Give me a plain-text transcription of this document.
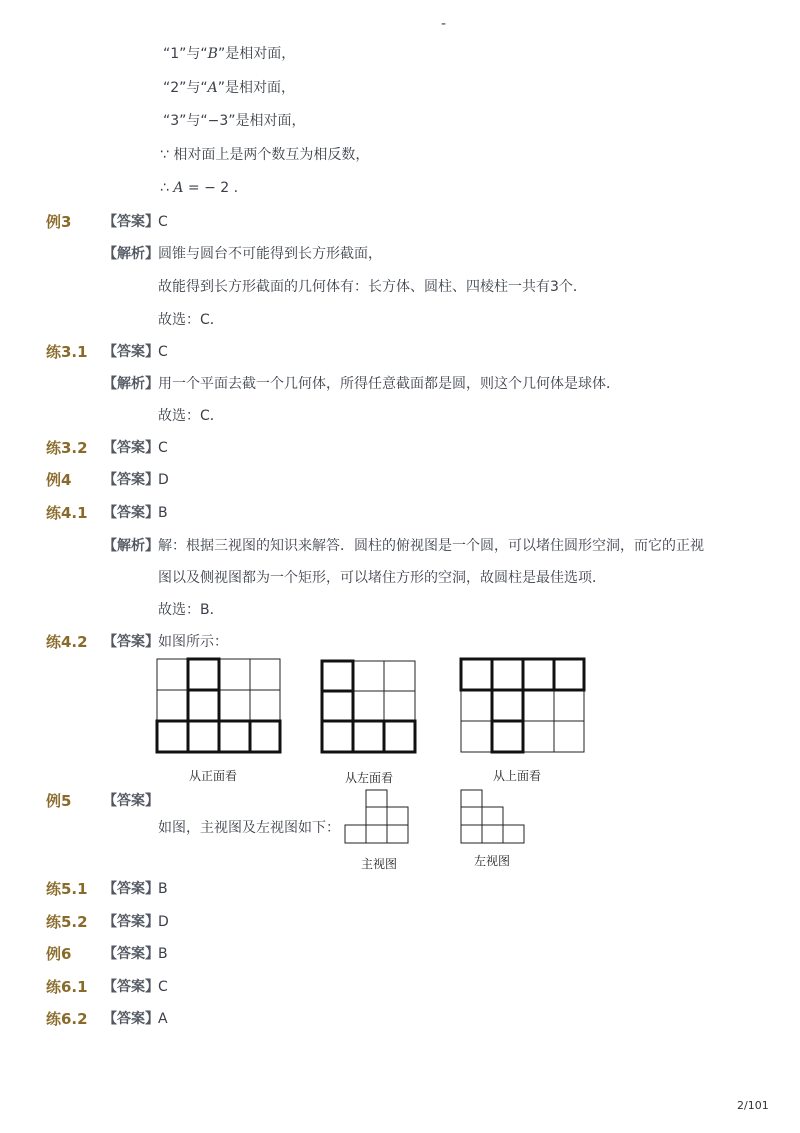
-
“1”与“B”是相对面，
“2”与“A”是相对面，
“3”与“−3”是相对面，
∵ 相对面上是两个数互为相反数，
∴ A = − 2 .
例3 【答案】 C
【解析】 圆锥与圆台不可能得到长方形截面，
故能得到长方形截面的几何体有：长方体、圆柱、四棱柱一共有3个．
故选：C．
练3.1 【答案】 C
【解析】 用一个平面去截一个几何体，所得任意截面都是圆，则这个几何体是球体．
故选：C．
练3.2 【答案】 C
例4 【答案】 D
练4.1 【答案】 B
【解析】 解：根据三视图的知识来解答．圆柱的俯视图是一个圆，可以堵住圆形空洞，而它的正视
图以及侧视图都为一个矩形，可以堵住方形的空洞，故圆柱是最佳选项．
故选：B．
练4.2 【答案】 如图所示：
从正面看	从左面看	从上面看
例5 【答案】
如图，主视图及左视图如下：
主视图	左视图
练5.1 【答案】 B
练5.2 【答案】 D
例6 【答案】 B
练6.1 【答案】 C
练6.2 【答案】 A
2/101
